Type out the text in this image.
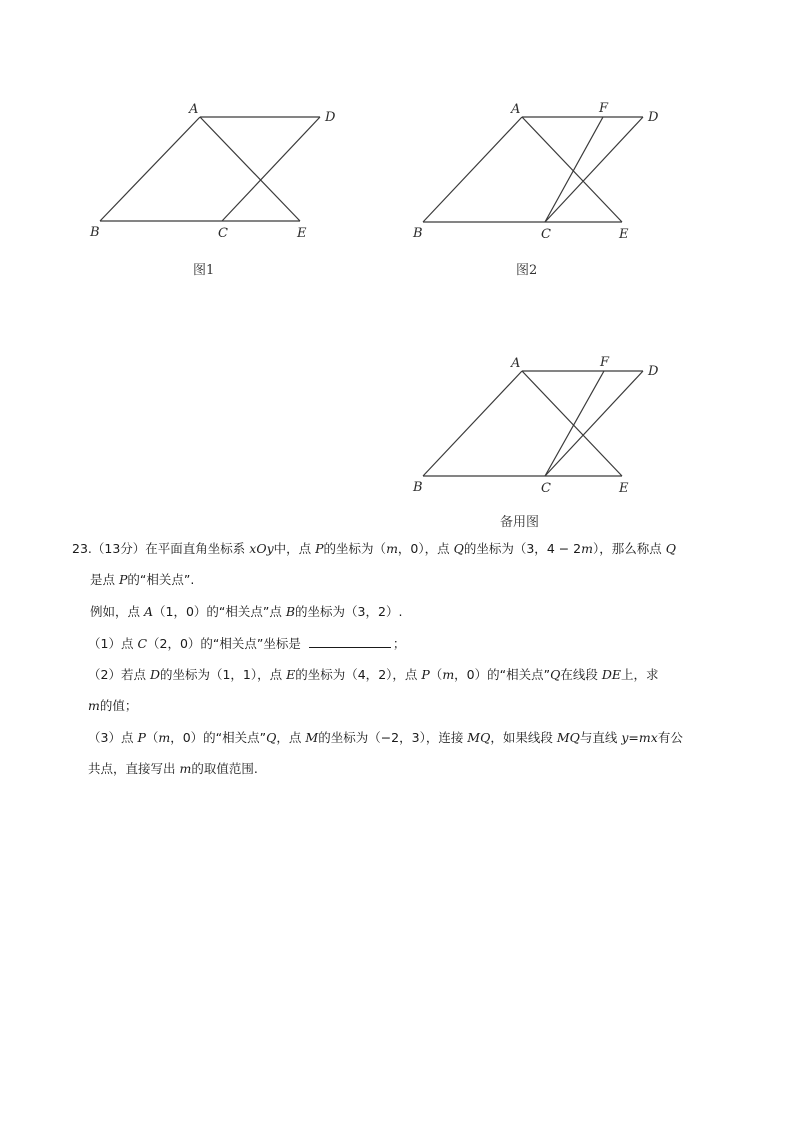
A
B	C
D
E
A
B	C
D
E
F
A
B	C
D
E
F
图1	图2
备用图
23.（13分）在平面直角坐标系 xOy中，点 P的坐标为（m，0），点 Q的坐标为（3，4 − 2m），那么称点 Q
是点 P的“相关点”.
例如，点 A（1，0）的“相关点”点 B的坐标为（3，2）.
（1）点 C（2，0）的“相关点”坐标是	；
（2）若点 D的坐标为（1，1），点 E的坐标为（4，2），点 P（m，0）的“相关点”Q在线段 DE上，求
m的值；
（3）点 P（m，0）的“相关点”Q，点 M的坐标为（−2，3），连接 MQ，如果线段 MQ与直线 y=mx有公
共点，直接写出 m的取值范围.
